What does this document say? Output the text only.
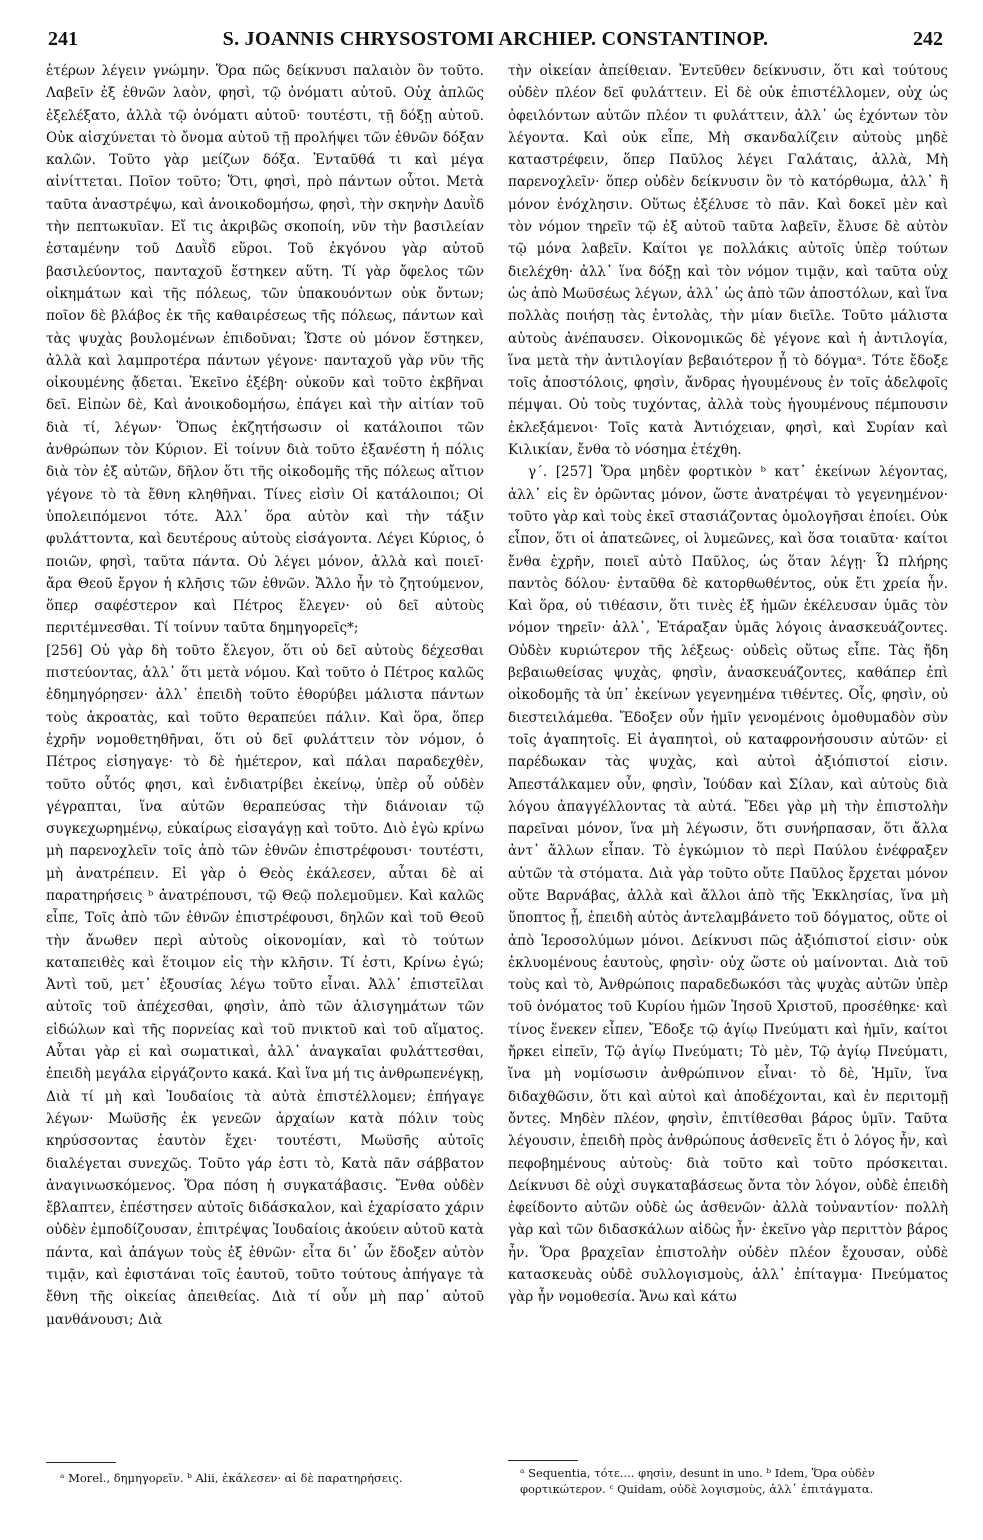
241	S. JOANNIS CHRYSOSTOMI ARCHIEP. CONSTANTINOP.	242

ἑτέρων λέγειν γνώμην. Ὅρα πῶς δείκνυσι παλαιὸν ὂν τοῦτο. Λαβεῖν ἐξ ἐθνῶν λαὸν, φησὶ, τῷ ὀνόματι αὐτοῦ. Οὐχ ἁπλῶς ἐξελέξατο, ἀλλὰ τῷ ὀνόματι αὐτοῦ· τουτέστι, τῇ δόξῃ αὐτοῦ. Οὐκ αἰσχύνεται τὸ ὄνομα αὐτοῦ τῇ προλήψει τῶν ἐθνῶν δόξαν καλῶν. Τοῦτο γὰρ μείζων δόξα. Ἐνταῦθά τι καὶ μέγα αἰνίττεται. Ποῖον τοῦτο; Ὅτι, φησὶ, πρὸ πάντων οὗτοι. Μετὰ ταῦτα ἀναστρέψω, καὶ ἀνοικοδομήσω, φησὶ, τὴν σκηνὴν Δαυῒδ τὴν πεπτωκυῖαν. Εἴ τις ἀκριβῶς σκοποίη, νῦν τὴν βασιλείαν ἑσταμένην τοῦ Δαυῒδ εὕροι. Τοῦ ἐκγόνου γὰρ αὐτοῦ βασιλεύοντος, πανταχοῦ ἕστηκεν αὕτη. Τί γὰρ ὄφελος τῶν οἰκημάτων καὶ τῆς πόλεως, τῶν ὑπακουόντων οὐκ ὄντων; ποῖον δὲ βλάβος ἐκ τῆς καθαιρέσεως τῆς πόλεως, πάντων καὶ τὰς ψυχὰς βουλομένων ἐπιδοῦναι; Ὥστε οὐ μόνον ἕστηκεν, ἀλλὰ καὶ λαμπροτέρα πάντων γέγονε· πανταχοῦ γὰρ νῦν τῆς οἰκουμένης ᾄδεται. Ἐκεῖνο ἐξέβη· οὐκοῦν καὶ τοῦτο ἐκβῆναι δεῖ. Εἰπὼν δὲ, Καὶ ἀνοικοδομήσω, ἐπάγει καὶ τὴν αἰτίαν τοῦ διὰ τί, λέγων· Ὅπως ἐκζητήσωσιν οἱ κατάλοιποι τῶν ἀνθρώπων τὸν Κύριον. Εἰ τοίνυν διὰ τοῦτο ἐξανέστη ἡ πόλις διὰ τὸν ἐξ αὐτῶν, δῆλον ὅτι τῆς οἰκοδομῆς τῆς πόλεως αἴτιον γέγονε τὸ τὰ ἔθνη κληθῆναι. Τίνες εἰσὶν Οἱ κατάλοιποι; Οἱ ὑπολειπόμενοι τότε. Ἀλλ᾽ ὅρα αὐτὸν καὶ τὴν τάξιν φυλάττοντα, καὶ δευτέρους αὐτοὺς εἰσάγοντα. Λέγει Κύριος, ὁ ποιῶν, φησὶ, ταῦτα πάντα. Οὐ λέγει μόνον, ἀλλὰ καὶ ποιεῖ· ἄρα Θεοῦ ἔργον ἡ κλῆσις τῶν ἐθνῶν. Ἄλλο ἦν τὸ ζητούμενον, ὅπερ σαφέστερον καὶ Πέτρος ἔλεγεν· οὐ δεῖ αὐτοὺς περιτέμνεσθαι. Τί τοίνυν ταῦτα δημηγορεῖς*;

[256] Οὐ γὰρ δὴ τοῦτο ἔλεγον, ὅτι οὐ δεῖ αὐτοὺς δέχεσθαι πιστεύοντας, ἀλλ᾽ ὅτι μετὰ νόμου. Καὶ τοῦτο ὁ Πέτρος καλῶς ἐδημηγόρησεν· ἀλλ᾽ ἐπειδὴ τοῦτο ἐθορύβει μάλιστα πάντων τοὺς ἀκροατὰς, καὶ τοῦτο θεραπεύει πάλιν. Καὶ ὅρα, ὅπερ ἐχρῆν νομοθετηθῆναι, ὅτι οὐ δεῖ φυλάττειν τὸν νόμον, ὁ Πέτρος εἰσηγαγε· τὸ δὲ ἡμέτερον, καὶ πάλαι παραδεχθὲν, τοῦτο οὗτός φησι, καὶ ἐνδιατρίβει ἐκείνῳ, ὑπὲρ οὗ οὐδὲν γέγραπται, ἵνα αὐτῶν θεραπεύσας τὴν διάνοιαν τῷ συγκεχωρημένῳ, εὐκαίρως εἰσαγάγῃ καὶ τοῦτο. Διὸ ἐγὼ κρίνω μὴ παρενοχλεῖν τοῖς ἀπὸ τῶν ἐθνῶν ἐπιστρέφουσι· τουτέστι, μὴ ἀνατρέπειν. Εἰ γὰρ ὁ Θεὸς ἐκάλεσεν, αὗται δὲ αἱ παρατηρήσεις ᵇ ἀνατρέπουσι, τῷ Θεῷ πολεμοῦμεν. Καὶ καλῶς εἶπε, Τοῖς ἀπὸ τῶν ἐθνῶν ἐπιστρέφουσι, δηλῶν καὶ τοῦ Θεοῦ τὴν ἄνωθεν περὶ αὐτοὺς οἰκονομίαν, καὶ τὸ τούτων καταπειθὲς καὶ ἕτοιμον εἰς τὴν κλῆσιν. Τί ἐστι, Κρίνω ἐγώ; Ἀντὶ τοῦ, μετ᾽ ἐξουσίας λέγω τοῦτο εἶναι. Ἀλλ᾽ ἐπιστεῖλαι αὐτοῖς τοῦ ἀπέχεσθαι, φησὶν, ἀπὸ τῶν ἀλισγημάτων τῶν εἰδώλων καὶ τῆς πορνείας καὶ τοῦ πνικτοῦ καὶ τοῦ αἵματος. Αὗται γὰρ εἰ καὶ σωματικαὶ, ἀλλ᾽ ἀναγκαῖαι φυλάττεσθαι, ἐπειδὴ μεγάλα εἰργάζοντο κακά. Καὶ ἵνα μή τις ἀνθρωπενέγκῃ, Διὰ τί μὴ καὶ Ἰουδαίοις τὰ αὐτὰ ἐπιστέλλομεν; ἐπήγαγε λέγων· Μωϋσῆς ἐκ γενεῶν ἀρχαίων κατὰ πόλιν τοὺς κηρύσσοντας ἑαυτὸν ἔχει· τουτέστι, Μωϋσῆς αὐτοῖς διαλέγεται συνεχῶς. Τοῦτο γάρ ἐστι τὸ, Κατὰ πᾶν σάββατον ἀναγινωσκόμενος. Ὅρα πόση ἡ συγκατάβασις. Ἔνθα οὐδὲν ἔβλαπτεν, ἐπέστησεν αὐτοῖς διδάσκαλον, καὶ ἐχαρίσατο χάριν οὐδὲν ἐμποδίζουσαν, ἐπιτρέψας Ἰουδαίοις ἀκούειν αὐτοῦ κατὰ πάντα, καὶ ἀπάγων τοὺς ἐξ ἐθνῶν· εἶτα δι᾽ ὧν ἔδοξεν αὐτὸν τιμᾷν, καὶ ἐφιστάναι τοῖς ἑαυτοῦ, τοῦτο τούτους ἀπήγαγε τὰ ἔθνη τῆς οἰκείας ἀπειθείας. Διὰ τί οὖν μὴ παρ᾽ αὐτοῦ μανθάνουσι; Διὰ

τὴν οἰκείαν ἀπείθειαν. Ἐντεῦθεν δείκνυσιν, ὅτι καὶ τούτους οὐδὲν πλέον δεῖ φυλάττειν. Εἰ δὲ οὐκ ἐπιστέλλομεν, οὐχ ὡς ὀφειλόντων αὐτῶν πλέον τι φυλάττειν, ἀλλ᾽ ὡς ἐχόντων τὸν λέγοντα. Καὶ οὐκ εἶπε, Μὴ σκανδαλίζειν αὐτοὺς μηδὲ καταστρέφειν, ὅπερ Παῦλος λέγει Γαλάταις, ἀλλὰ, Μὴ παρενοχλεῖν· ὅπερ οὐδὲν δείκνυσιν ὂν τὸ κατόρθωμα, ἀλλ᾽ ἢ μόνον ἐνόχλησιν. Οὕτως ἐξέλυσε τὸ πᾶν. Καὶ δοκεῖ μὲν καὶ τὸν νόμον τηρεῖν τῷ ἐξ αὐτοῦ ταῦτα λαβεῖν, ἔλυσε δὲ αὐτὸν τῷ μόνα λαβεῖν. Καίτοι γε πολλάκις αὐτοῖς ὑπὲρ τούτων διελέχθη· ἀλλ᾽ ἵνα δόξῃ καὶ τὸν νόμον τιμᾷν, καὶ ταῦτα οὐχ ὡς ἀπὸ Μωϋσέως λέγων, ἀλλ᾽ ὡς ἀπὸ τῶν ἀποστόλων, καὶ ἵνα πολλὰς ποιήσῃ τὰς ἐντολὰς, τὴν μίαν διεῖλε. Τοῦτο μάλιστα αὐτοὺς ἀνέπαυσεν. Οἰκονομικῶς δὲ γέγονε καὶ ἡ ἀντιλογία, ἵνα μετὰ τὴν ἀντιλογίαν βεβαιότερον ᾖ τὸ δόγμαᵃ. Τότε ἔδοξε τοῖς ἀποστόλοις, φησὶν, ἄνδρας ἡγουμένους ἐν τοῖς ἀδελφοῖς πέμψαι. Οὐ τοὺς τυχόντας, ἀλλὰ τοὺς ἡγουμένους πέμπουσιν ἐκλεξάμενοι· Τοῖς κατὰ Ἀντιόχειαν, φησὶ, καὶ Συρίαν καὶ Κιλικίαν, ἔνθα τὸ νόσημα ἐτέχθη.

γ΄. [257] Ὅρα μηδὲν φορτικὸν ᵇ κατ᾽ ἐκείνων λέγοντας, ἀλλ᾽ εἰς ἓν ὁρῶντας μόνον, ὥστε ἀνατρέψαι τὸ γεγενημένον· τοῦτο γὰρ καὶ τοὺς ἐκεῖ στασιάζοντας ὁμολογῆσαι ἐποίει. Οὐκ εἶπον, ὅτι οἱ ἀπατεῶνες, οἱ λυμεῶνες, καὶ ὅσα τοιαῦτα· καίτοι ἔνθα ἐχρῆν, ποιεῖ αὐτὸ Παῦλος, ὡς ὅταν λέγῃ· Ὦ πλήρης παντὸς δόλου· ἐνταῦθα δὲ κατορθωθέντος, οὐκ ἔτι χρεία ἦν. Καὶ ὅρα, οὐ τιθέασιν, ὅτι τινὲς ἐξ ἡμῶν ἐκέλευσαν ὑμᾶς τὸν νόμον τηρεῖν· ἀλλ᾽, Ἐτάραξαν ὑμᾶς λόγοις ἀνασκευάζοντες. Οὐδὲν κυριώτερον τῆς λέξεως· οὐδεὶς οὕτως εἶπε. Τὰς ἤδη βεβαιωθείσας ψυχὰς, φησὶν, ἀνασκευάζοντες, καθάπερ ἐπὶ οἰκοδομῆς τὰ ὑπ᾽ ἐκείνων γεγενημένα τιθέντες. Οἷς, φησὶν, οὐ διεστειλάμεθα. Ἔδοξεν οὖν ἡμῖν γενομένοις ὁμοθυμαδὸν σὺν τοῖς ἀγαπητοῖς. Εἰ ἀγαπητοὶ, οὐ καταφρονήσουσιν αὐτῶν· εἰ παρέδωκαν τὰς ψυχὰς, καὶ αὐτοὶ ἀξιόπιστοί εἰσιν. Ἀπεστάλκαμεν οὖν, φησὶν, Ἰούδαν καὶ Σίλαν, καὶ αὐτοὺς διὰ λόγου ἀπαγγέλλοντας τὰ αὐτά. Ἔδει γὰρ μὴ τὴν ἐπιστολὴν παρεῖναι μόνον, ἵνα μὴ λέγωσιν, ὅτι συνήρπασαν, ὅτι ἄλλα ἀντ᾽ ἄλλων εἶπαν. Τὸ ἐγκώμιον τὸ περὶ Παύλου ἐνέφραξεν αὐτῶν τὰ στόματα. Διὰ γὰρ τοῦτο οὔτε Παῦλος ἔρχεται μόνον οὔτε Βαρνάβας, ἀλλὰ καὶ ἄλλοι ἀπὸ τῆς Ἐκκλησίας, ἵνα μὴ ὕποπτος ᾖ, ἐπειδὴ αὐτὸς ἀντελαμβάνετο τοῦ δόγματος, οὔτε οἱ ἀπὸ Ἱεροσολύμων μόνοι. Δείκνυσι πῶς ἀξιόπιστοί εἰσιν· οὐκ ἐκλυομένους ἑαυτοὺς, φησὶν· οὐχ ὥστε οὐ μαίνονται. Διὰ τοῦ τοὺς καὶ τὸ, Ἀνθρώποις παραδεδωκόσι τὰς ψυχὰς αὐτῶν ὑπὲρ τοῦ ὀνόματος τοῦ Κυρίου ἡμῶν Ἰησοῦ Χριστοῦ, προσέθηκε· καὶ τίνος ἕνεκεν εἶπεν, Ἔδοξε τῷ ἁγίῳ Πνεύματι καὶ ἡμῖν, καίτοι ἤρκει εἰπεῖν, Τῷ ἁγίῳ Πνεύματι; Τὸ μὲν, Τῷ ἁγίῳ Πνεύματι, ἵνα μὴ νομίσωσιν ἀνθρώπινον εἶναι· τὸ δὲ, Ἡμῖν, ἵνα διδαχθῶσιν, ὅτι καὶ αὐτοὶ καὶ ἀποδέχονται, καὶ ἐν περιτομῇ ὄντες. Μηδὲν πλέον, φησὶν, ἐπιτίθεσθαι βάρος ὑμῖν. Ταῦτα λέγουσιν, ἐπειδὴ πρὸς ἀνθρώπους ἀσθενεῖς ἔτι ὁ λόγος ἦν, καὶ πεφοβημένους αὐτοὺς· διὰ τοῦτο καὶ τοῦτο πρόσκειται. Δείκνυσι δὲ οὐχὶ συγκαταβάσεως ὄντα τὸν λόγον, οὐδὲ ἐπειδὴ ἐφείδοντο αὐτῶν οὐδὲ ὡς ἀσθενῶν· ἀλλὰ τοὐναντίον· πολλὴ γὰρ καὶ τῶν διδασκάλων αἰδὼς ἦν· ἐκεῖνο γὰρ περιττὸν βάρος ἦν. Ὅρα βραχεῖαν ἐπιστολὴν οὐδὲν πλέον ἔχουσαν, οὐδὲ κατασκευὰς οὐδὲ συλλογισμοὺς, ἀλλ᾽ ἐπίταγμα· Πνεύματος γὰρ ἦν νομοθεσία. Ἄνω καὶ κάτω

ᵃ Morel., δημηγορεῖν. ᵇ Alii, ἐκάλεσεν· αἱ δὲ παρατηρήσεις.	ᵃ Sequentia, τότε.... φησὶν, desunt in uno. ᵇ Idem, Ὅρα οὐδὲν φορτικώτερον. ᶜ Quidam, οὐδὲ λογισμοὺς, ἀλλ᾽ ἐπιτάγματα.
